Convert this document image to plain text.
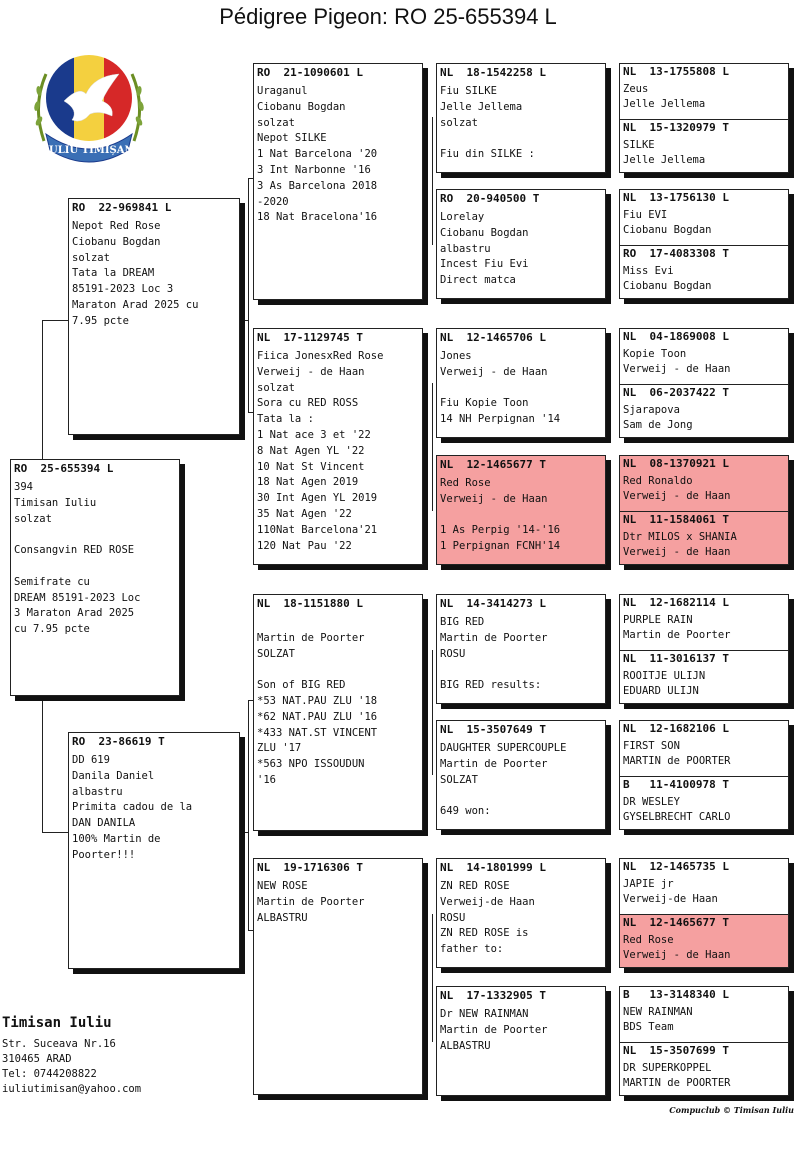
Pédigree Pigeon: RO 25-655394 L
IULIU TIMIȘAN
RO  25-655394 L
394
Timisan Iuliu
solzat
Consangvin RED ROSE
Semifrate cu
DREAM 85191-2023 Loc
3 Maraton Arad 2025
cu 7.95 pcte
RO  22-969841 L
Nepot Red Rose
Ciobanu Bogdan
solzat
Tata la DREAM
85191-2023 Loc 3
Maraton Arad 2025 cu
7.95 pcte
RO  23-86619 T
DD 619
Danila Daniel
albastru
Primita cadou de la
DAN DANILA
100% Martin de
Poorter!!!
RO  21-1090601 L
Uraganul
Ciobanu Bogdan
solzat
Nepot SILKE
1 Nat Barcelona '20
3 Int Narbonne '16
3 As Barcelona 2018
-2020
18 Nat Bracelona'16
NL  17-1129745 T
Fiica JonesxRed Rose
Verweij - de Haan
solzat
Sora cu RED ROSS
Tata la :
1 Nat ace 3 et '22
8 Nat Agen YL '22
10 Nat St Vincent
18 Nat Agen 2019
30 Int Agen YL 2019
35 Nat Agen '22
110Nat Barcelona'21
120 Nat Pau '22
NL  18-1151880 L
Martin de Poorter
SOLZAT
Son of BIG RED
*53 NAT.PAU ZLU '18
*62 NAT.PAU ZLU '16
*433 NAT.ST VINCENT
ZLU '17
*563 NPO ISSOUDUN
'16
NL  19-1716306 T
NEW ROSE
Martin de Poorter
ALBASTRU
NL  18-1542258 L
Fiu SILKE
Jelle Jellema
solzat
Fiu din SILKE :
RO  20-940500 T
Lorelay
Ciobanu Bogdan
albastru
Incest Fiu Evi
Direct matca
NL  12-1465706 L
Jones
Verweij - de Haan
Fiu Kopie Toon
14 NH Perpignan '14
NL  12-1465677 T
Red Rose
Verweij - de Haan
1 As Perpig '14-'16
1 Perpignan FCNH'14
NL  14-3414273 L
BIG RED
Martin de Poorter
ROSU
BIG RED results:
NL  15-3507649 T
DAUGHTER SUPERCOUPLE
Martin de Poorter
SOLZAT
649 won:
NL  14-1801999 L
ZN RED ROSE
Verweij-de Haan
ROSU
ZN RED ROSE is
father to:
NL  17-1332905 T
Dr NEW RAINMAN
Martin de Poorter
ALBASTRU
NL  13-1755808 L
Zeus
Jelle Jellema
NL  15-1320979 T
SILKE
Jelle Jellema
NL  13-1756130 L
Fiu EVI
Ciobanu Bogdan
RO  17-4083308 T
Miss Evi
Ciobanu Bogdan
NL  04-1869008 L
Kopie Toon
Verweij - de Haan
NL  06-2037422 T
Sjarapova
Sam de Jong
NL  08-1370921 L
Red Ronaldo
Verweij - de Haan
NL  11-1584061 T
Dtr MILOS x SHANIA
Verweij - de Haan
NL  12-1682114 L
PURPLE RAIN
Martin de Poorter
NL  11-3016137 T
ROOITJE ULIJN
EDUARD ULIJN
NL  12-1682106 L
FIRST SON
MARTIN de POORTER
B   11-4100978 T
DR WESLEY
GYSELBRECHT CARLO
NL  12-1465735 L
JAPIE jr
Verweij-de Haan
NL  12-1465677 T
Red Rose
Verweij - de Haan
B   13-3148340 L
NEW RAINMAN
BDS Team
NL  15-3507699 T
DR SUPERKOPPEL
MARTIN de POORTER
Timisan Iuliu
Str. Suceava Nr.16
310465 ARAD
Tel: 0744208822
iuliutimisan@yahoo.com
Compuclub © Timisan Iuliu
